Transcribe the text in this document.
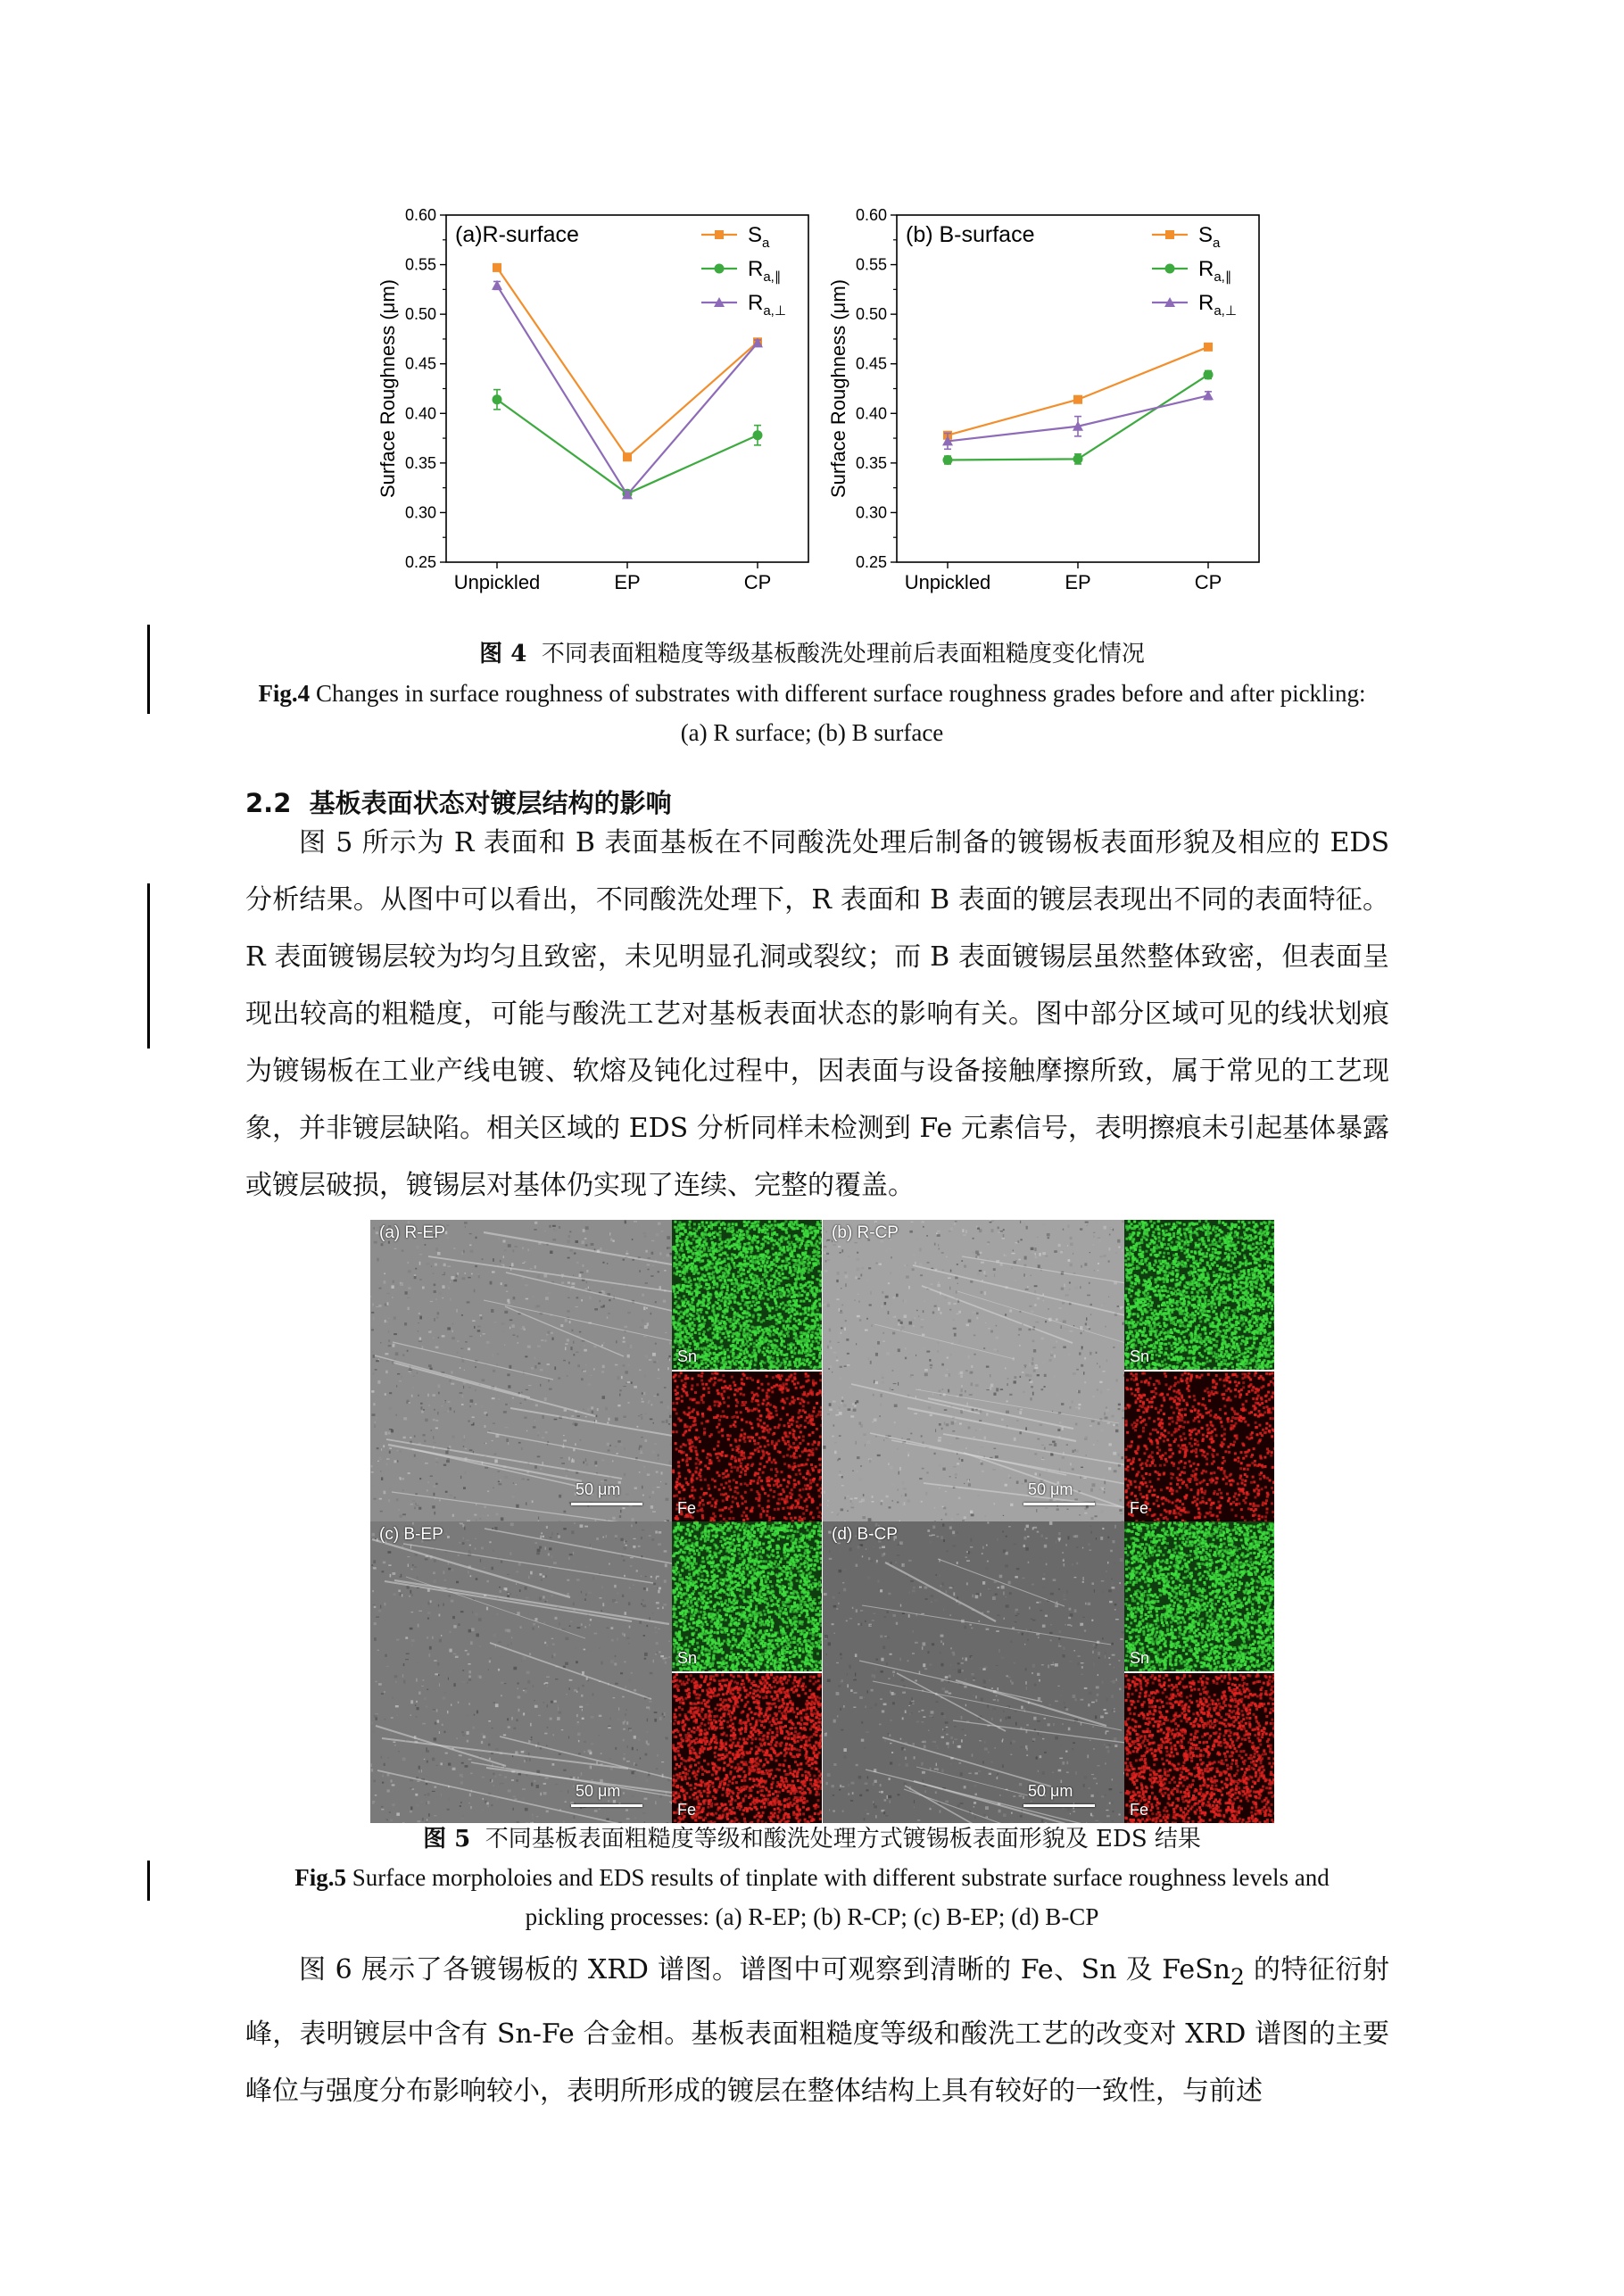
0.60
0.55
0.50
0.45
0.40
0.35
0.30
0.25
Unpickled	EP	CP
Surface Roughness (μm)
(a)R-surface	$S_a$
$R_{a,\parallel}$
$R_{a,\perp}$
0.60
0.55
0.50
0.45
0.40
0.35
0.30
0.25
Unpickled	EP	CP
Surface Roughness (μm)
(b) B-surface	$S_a$
$R_{a,\parallel}$
$R_{a,\perp}$
图 4 不同表面粗糙度等级基板酸洗处理前后表面粗糙度变化情况
Fig.4 Changes in surface roughness of substrates with different surface roughness grades before and after pickling:
(a) R surface; (b) B surface
2.2 基板表面状态对镀层结构的影响

图 5 所示为 R 表面和 B 表面基板在不同酸洗处理后制备的镀锡板表面形貌及相应的 EDS 分析结果。从图中可以看出，不同酸洗处理下，R 表面和 B 表面的镀层表现出不同的表面特征。R 表面镀锡层较为均匀且致密，未见明显孔洞或裂纹；而 B 表面镀锡层虽然整体致密，但表面呈现出较高的粗糙度，可能与酸洗工艺对基板表面状态的影响有关。图中部分区域可见的线状划痕为镀锡板在工业产线电镀、软熔及钝化过程中，因表面与设备接触摩擦所致，属于常见的工艺现象，并非镀层缺陷。相关区域的 EDS 分析同样未检测到 Fe 元素信号，表明擦痕未引起基体暴露或镀层破损，镀锡层对基体仍实现了连续、完整的覆盖。

(a) R-EP
50 μm
Sn
Fe
(b) R-CP
50 μm
Sn
Fe
(c) B-EP
50 μm
Sn
Fe
(d) B-CP
50 μm
Sn
Fe
图 5 不同基板表面粗糙度等级和酸洗处理方式镀锡板表面形貌及 EDS 结果
Fig.5 Surface morpholoies and EDS results of tinplate with different substrate surface roughness levels and
pickling processes: (a) R-EP; (b) R-CP; (c) B-EP; (d) B-CP

图 6 展示了各镀锡板的 XRD 谱图。谱图中可观察到清晰的 Fe、Sn 及 FeSn$_2$ 的特征衍射峰，表明镀层中含有 Sn-Fe 合金相。基板表面粗糙度等级和酸洗工艺的改变对 XRD 谱图的主要峰位与强度分布影响较小，表明所形成的镀层在整体结构上具有较好的一致性，与前述
